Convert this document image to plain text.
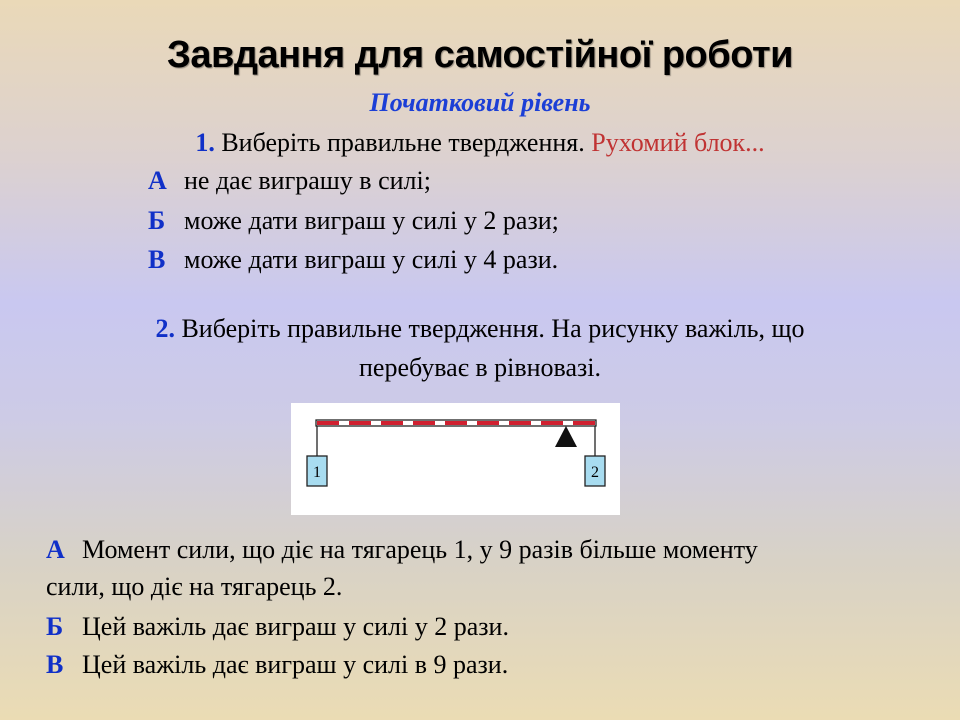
Завдання для самостійної роботи
Початковий рівень
1. Виберіть правильне твердження. Рухомий блок...
А не дає виграшу в силі;
Б може дати виграш у силі у 2 рази;
В може дати виграш у силі у 4 рази.
2. Виберіть правильне твердження. На рисунку важіль, що
перебуває в рівновазі.
1	2
А Момент сили, що діє на тягарець 1, у 9 разів більше моменту
сили, що діє на тягарець 2.
Б Цей важіль дає виграш у силі у 2 рази.
В Цей важіль дає виграш у силі в 9 рази.
